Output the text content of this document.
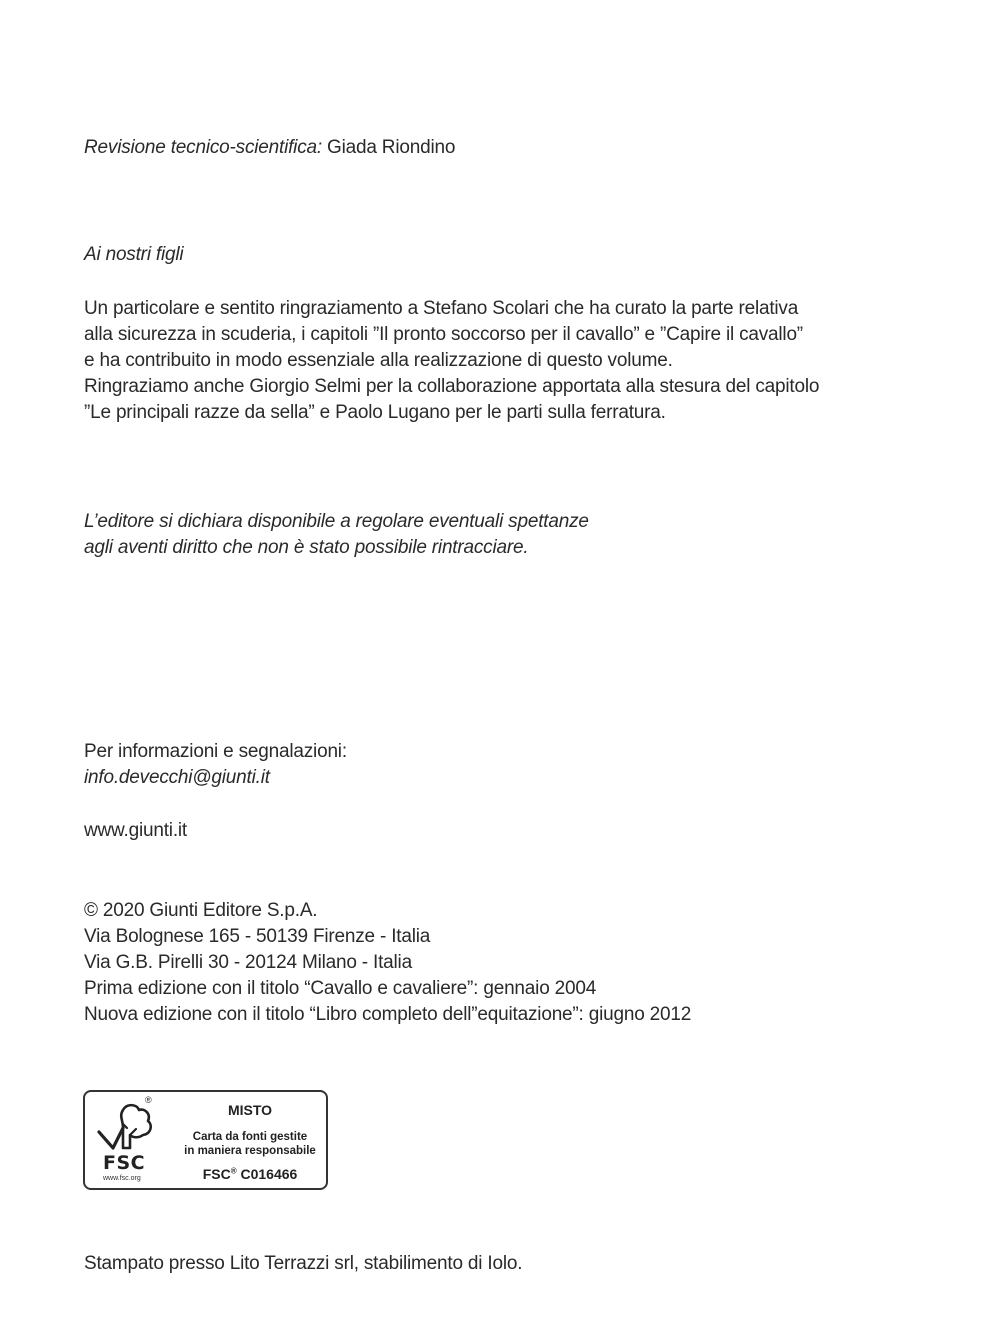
Revisione tecnico-scientifica: Giada Riondino
Ai nostri figli
Un particolare e sentito ringraziamento a Stefano Scolari che ha curato la parte relativa
alla sicurezza in scuderia, i capitoli ”Il pronto soccorso per il cavallo” e ”Capire il cavallo”
e ha contribuito in modo essenziale alla realizzazione di questo volume.
Ringraziamo anche Giorgio Selmi per la collaborazione apportata alla stesura del capitolo
”Le principali razze da sella” e Paolo Lugano per le parti sulla ferratura.
L’editore si dichiara disponibile a regolare eventuali spettanze
agli aventi diritto che non è stato possibile rintracciare.
Per informazioni e segnalazioni:
info.devecchi@giunti.it
www.giunti.it
© 2020 Giunti Editore S.p.A.
Via Bolognese 165 - 50139 Firenze - Italia
Via G.B. Pirelli 30 - 20124 Milano - Italia
Prima edizione con il titolo “Cavallo e cavaliere”: gennaio 2004
Nuova edizione con il titolo “Libro completo dell”equitazione”: giugno 2012
®
FSC
www.fsc.org
MISTO
Carta da fonti gestite
in maniera responsabile
FSC® C016466
Stampato presso Lito Terrazzi srl, stabilimento di Iolo.
